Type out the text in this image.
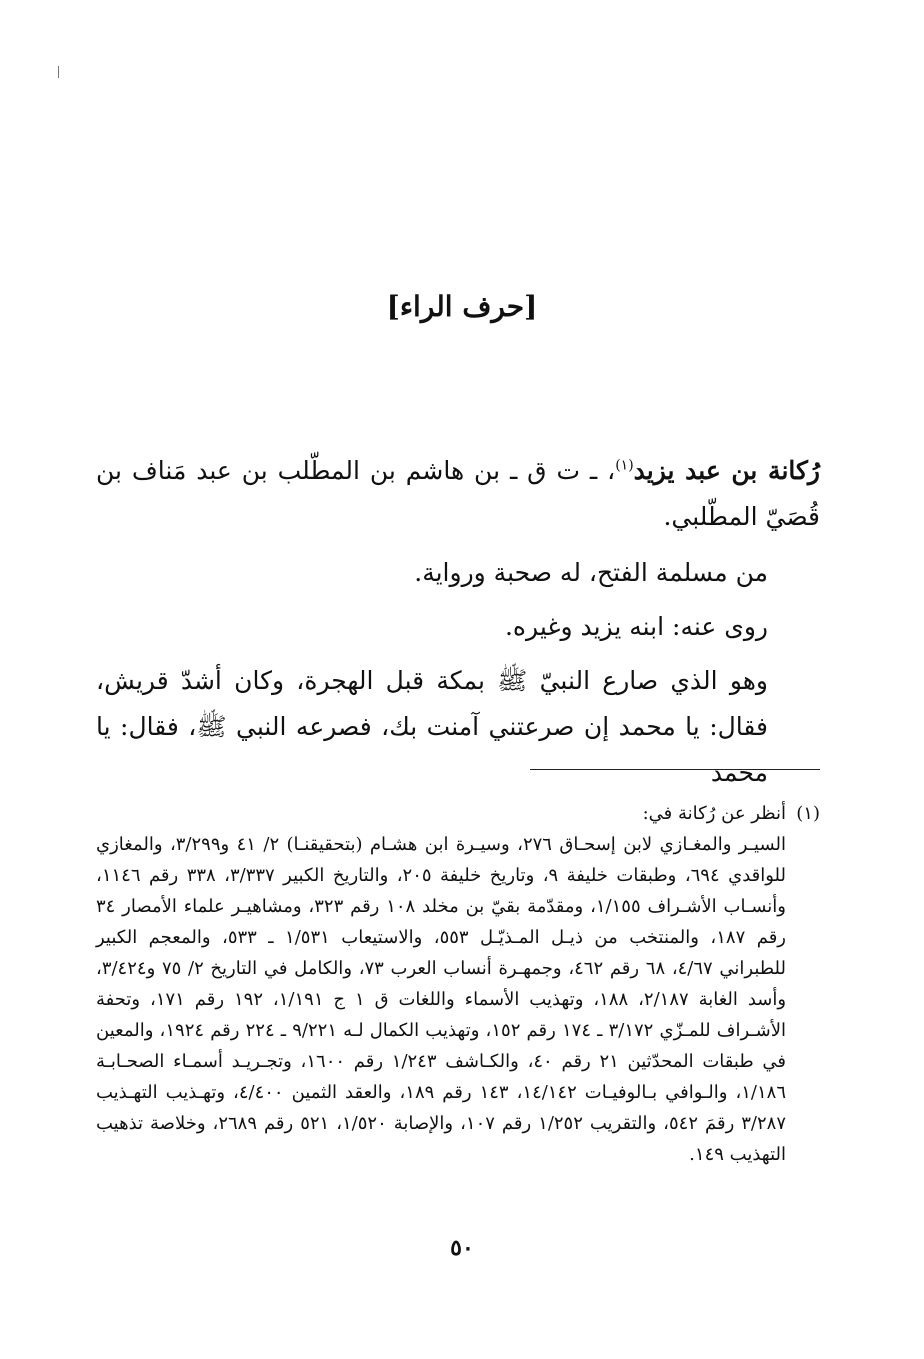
[حرف الراء]

رُكانة بن عبد يزيد$^{(١)}$، ـ ت ق ـ بن هاشم بن المطّلب بن عبد مَناف بن قُصَيّ المطّلبي.

من مسلمة الفتح، له صحبة ورواية.

روى عنه: ابنه يزيد وغيره.

وهو الذي صارع النبيّ ﷺ بمكة قبل الهجرة، وكان أشدّ قريش، فقال: يا محمد إن صرعتني آمنت بك، فصرعه النبي ﷺ، فقال: يا محمد

(١)أنظر عن رُكانة في:

السيـر والمغـازي لابن إسحـاق ٢٧٦، وسيـرة ابن هشـام (بتحقيقنـا) ٢/ ٤١ و٣/٢٩٩، والمغازي للواقدي ٦٩٤، وطبقات خليفة ٩، وتاريخ خليفة ٢٠٥، والتاريخ الكبير ٣/٣٣٧، ٣٣٨ رقم ١١٤٦، وأنسـاب الأشـراف ١/١٥٥، ومقدّمة بقيّ بن مخلد ١٠٨ رقم ٣٢٣، ومشاهيـر علماء الأمصار ٣٤ رقم ١٨٧، والمنتخب من ذيـل المـذيّـل ٥٥٣، والاستيعاب ١/٥٣١ ـ ٥٣٣، والمعجم الكبير للطبراني ٤/٦٧، ٦٨ رقم ٤٦٢، وجمهـرة أنساب العرب ٧٣، والكامل في التاريخ ٢/ ٧٥ و٣/٤٢٤، وأسد الغابة ٢/١٨٧، ١٨٨، وتهذيب الأسماء واللغات ق ١ ج ١/١٩١، ١٩٢ رقم ١٧١، وتحفة الأشـراف للمـزّي ٣/١٧٢ ـ ١٧٤ رقم ١٥٢، وتهذيب الكمال لـه ٩/٢٢١ ـ ٢٢٤ رقم ١٩٢٤، والمعين في طبقات المحدّثين ٢١ رقم ٤٠، والكـاشف ١/٢٤٣ رقم ١٦٠٠، وتجـريـد أسمـاء الصحـابـة ١/١٨٦، والـوافي بـالوفيـات ١٤/١٤٢، ١٤٣ رقم ١٨٩، والعقد الثمين ٤/٤٠٠، وتهـذيب التهـذيب ٣/٢٨٧ رقمَ ٥٤٢، والتقريب ١/٢٥٢ رقم ١٠٧، والإصابة ١/٥٢٠، ٥٢١ رقم ٢٦٨٩، وخلاصة تذهيب التهذيب ١٤٩.

٥٠
